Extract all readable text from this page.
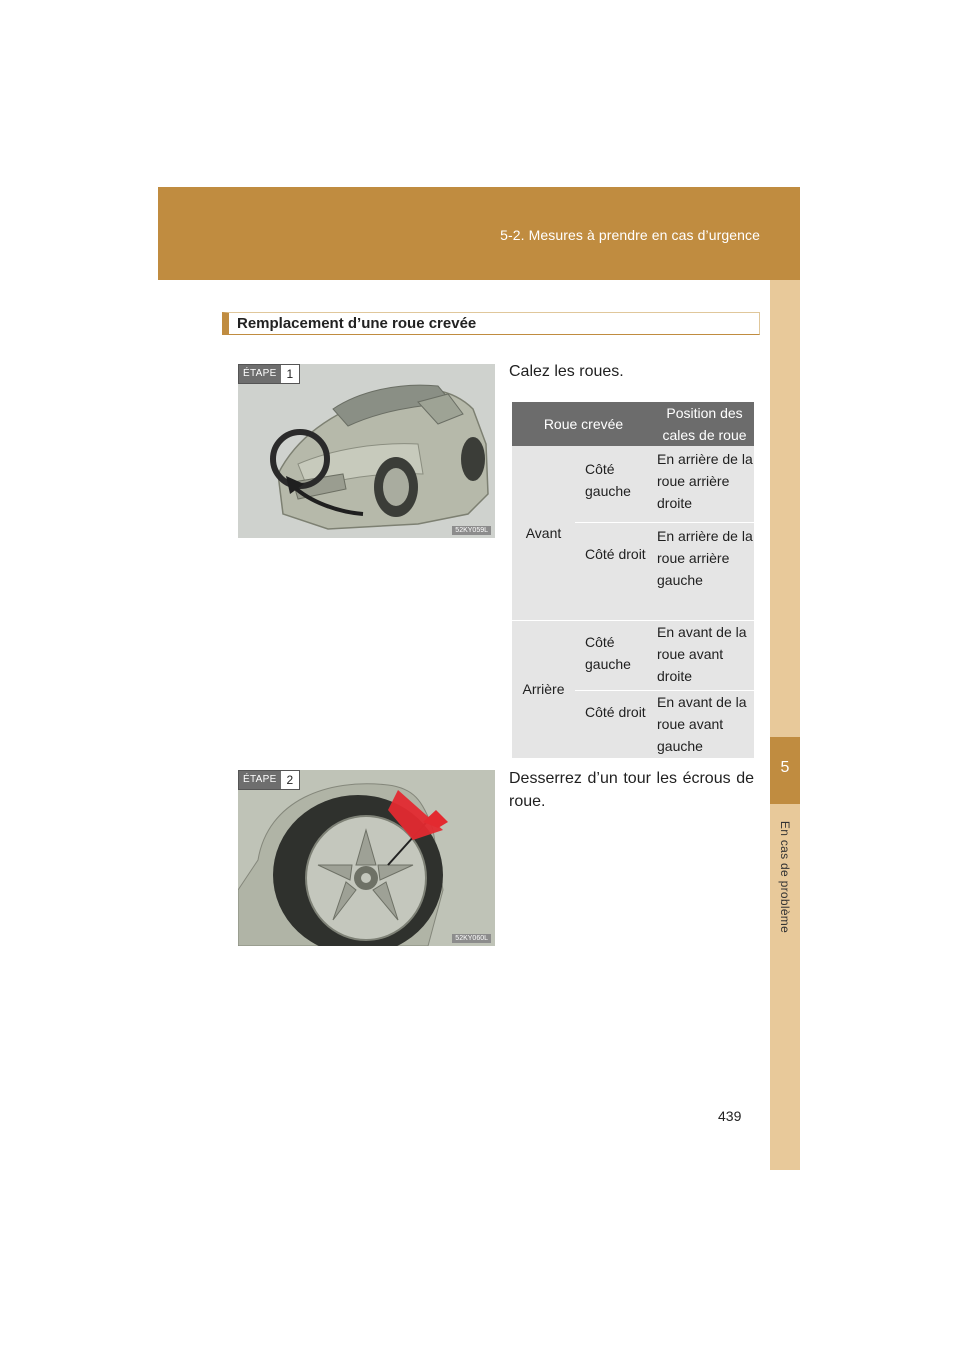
5-2. Mesures à prendre en cas d’urgence
5
En cas de problème
Remplacement d’une roue crevée
ÉTAPE 1
52KY059L
Calez les roues.
Roue crevée		Position des cales de roue
Avant	Côté gauche	En arrière de la roue arrière droite
	Côté droit	En arrière de la roue arrière gauche
Arrière	Côté gauche	En avant de la roue avant droite
	Côté droit	En avant de la roue avant gauche
ÉTAPE 2
52KY060L
Desserrez d’un tour les écrous de roue.
439
